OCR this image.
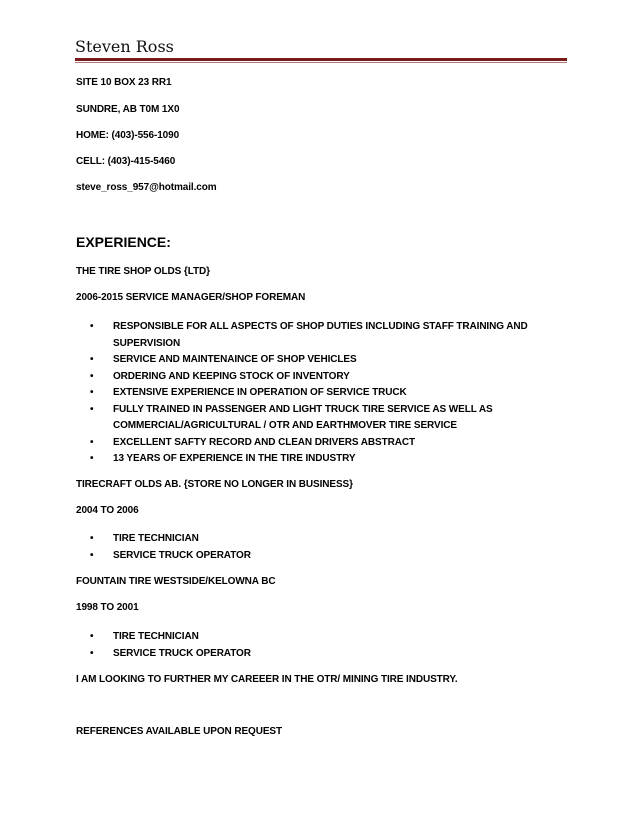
Steven Ross
SITE 10 BOX 23 RR1
SUNDRE, AB T0M 1X0
HOME: (403)-556-1090
CELL: (403)-415-5460
steve_ross_957@hotmail.com
EXPERIENCE:
THE TIRE SHOP OLDS {LTD}
2006-2015 SERVICE MANAGER/SHOP FOREMAN
• RESPONSIBLE FOR ALL ASPECTS OF SHOP DUTIES INCLUDING STAFF TRAINING AND SUPERVISION
• SERVICE AND MAINTENAINCE OF SHOP VEHICLES
• ORDERING AND KEEPING STOCK OF INVENTORY
• EXTENSIVE EXPERIENCE IN OPERATION OF SERVICE TRUCK
• FULLY TRAINED IN PASSENGER AND LIGHT TRUCK TIRE SERVICE AS WELL AS COMMERCIAL/AGRICULTURAL / OTR AND EARTHMOVER TIRE SERVICE
• EXCELLENT SAFTY RECORD AND CLEAN DRIVERS ABSTRACT
• 13 YEARS OF EXPERIENCE IN THE TIRE INDUSTRY
TIRECRAFT OLDS AB. {STORE NO LONGER IN BUSINESS}
2004 TO 2006
• TIRE TECHNICIAN
• SERVICE TRUCK OPERATOR
FOUNTAIN TIRE WESTSIDE/KELOWNA BC
1998 TO 2001
• TIRE TECHNICIAN
• SERVICE TRUCK OPERATOR
I AM LOOKING TO FURTHER MY CAREEER IN THE OTR/ MINING TIRE INDUSTRY.
REFERENCES AVAILABLE UPON REQUEST
